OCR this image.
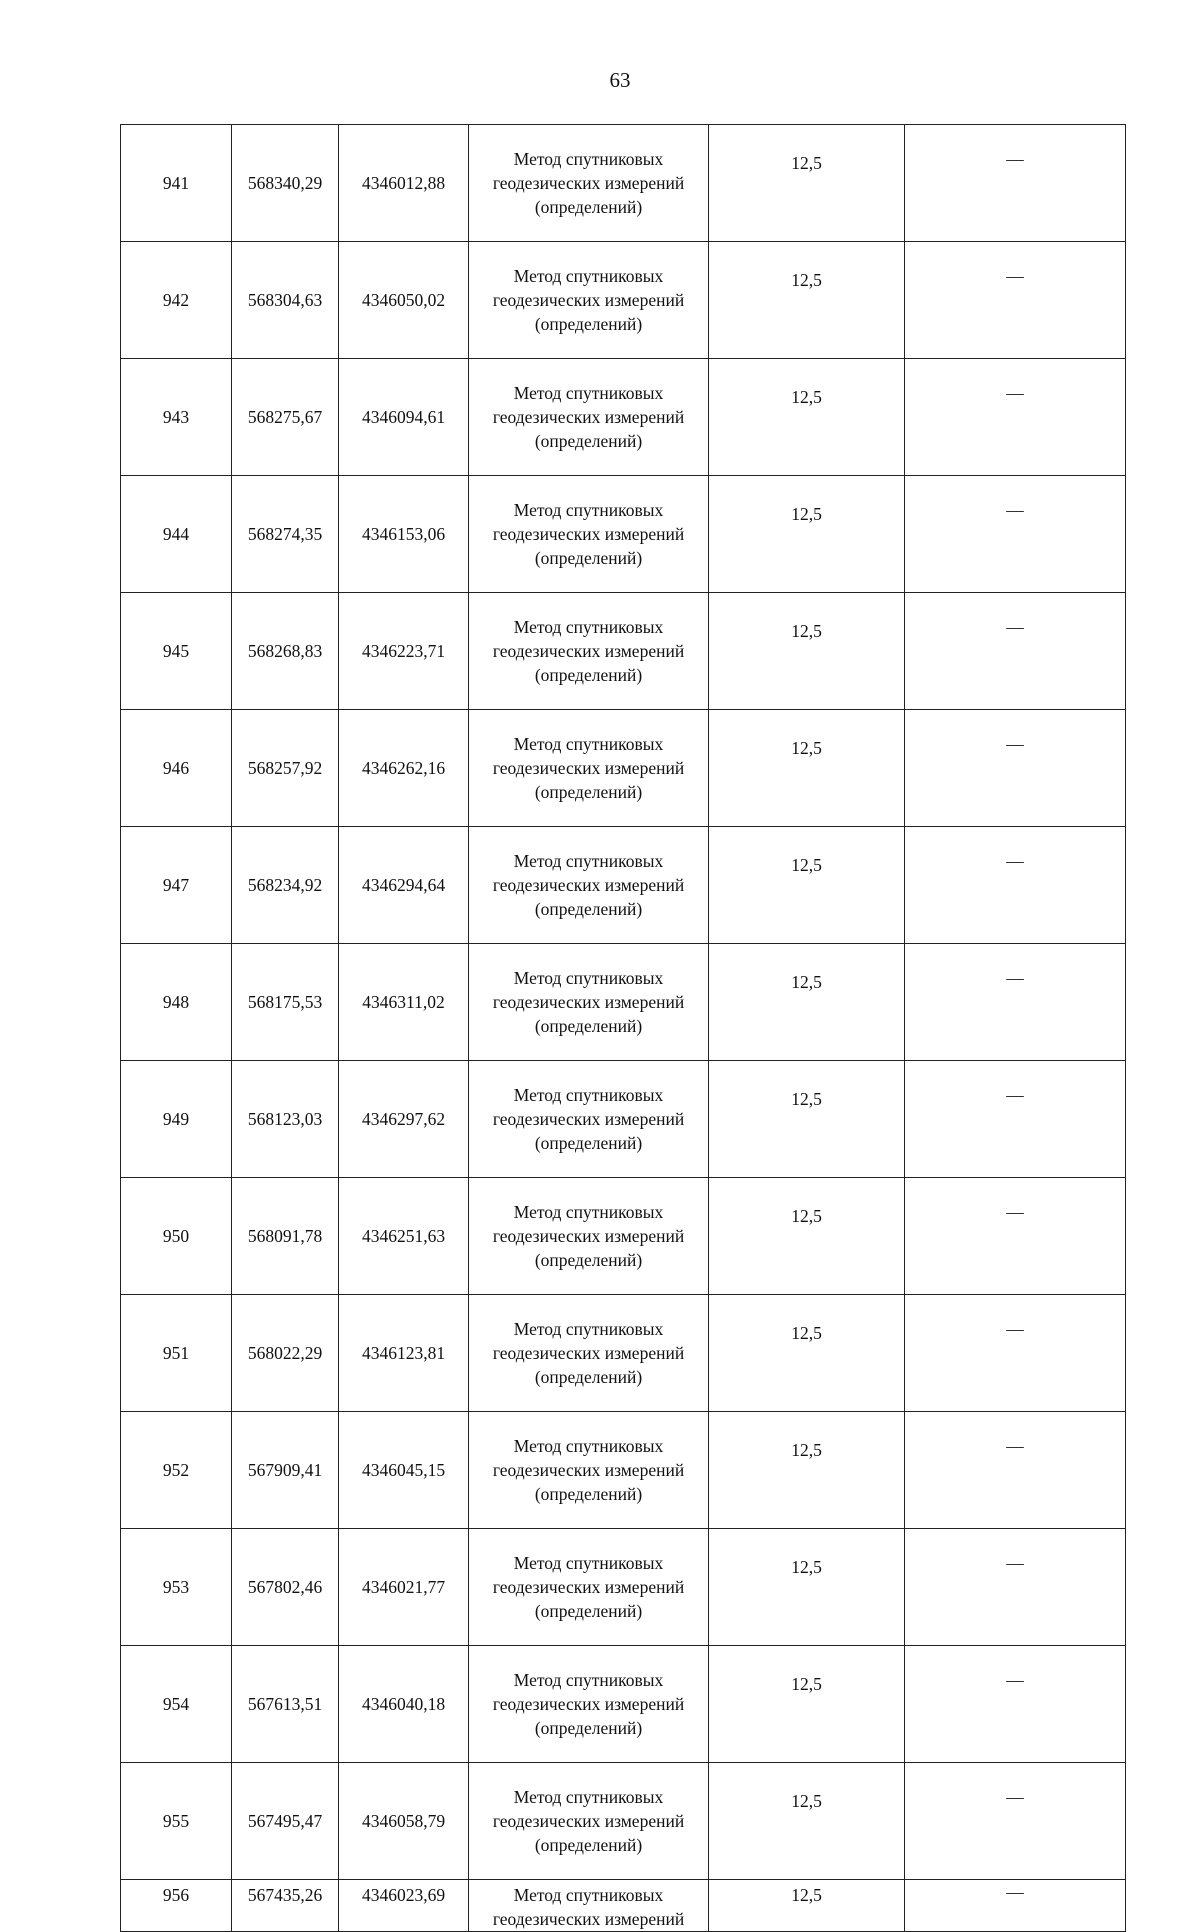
63
941	568340,29	4346012,88	Метод спутниковых
геодезических измерений
(определений)	12,5	—
942	568304,63	4346050,02	Метод спутниковых
геодезических измерений
(определений)	12,5	—
943	568275,67	4346094,61	Метод спутниковых
геодезических измерений
(определений)	12,5	—
944	568274,35	4346153,06	Метод спутниковых
геодезических измерений
(определений)	12,5	—
945	568268,83	4346223,71	Метод спутниковых
геодезических измерений
(определений)	12,5	—
946	568257,92	4346262,16	Метод спутниковых
геодезических измерений
(определений)	12,5	—
947	568234,92	4346294,64	Метод спутниковых
геодезических измерений
(определений)	12,5	—
948	568175,53	4346311,02	Метод спутниковых
геодезических измерений
(определений)	12,5	—
949	568123,03	4346297,62	Метод спутниковых
геодезических измерений
(определений)	12,5	—
950	568091,78	4346251,63	Метод спутниковых
геодезических измерений
(определений)	12,5	—
951	568022,29	4346123,81	Метод спутниковых
геодезических измерений
(определений)	12,5	—
952	567909,41	4346045,15	Метод спутниковых
геодезических измерений
(определений)	12,5	—
953	567802,46	4346021,77	Метод спутниковых
геодезических измерений
(определений)	12,5	—
954	567613,51	4346040,18	Метод спутниковых
геодезических измерений
(определений)	12,5	—
955	567495,47	4346058,79	Метод спутниковых
геодезических измерений
(определений)	12,5	—
956	567435,26	4346023,69	Метод спутниковых
геодезических измерений	12,5	—
